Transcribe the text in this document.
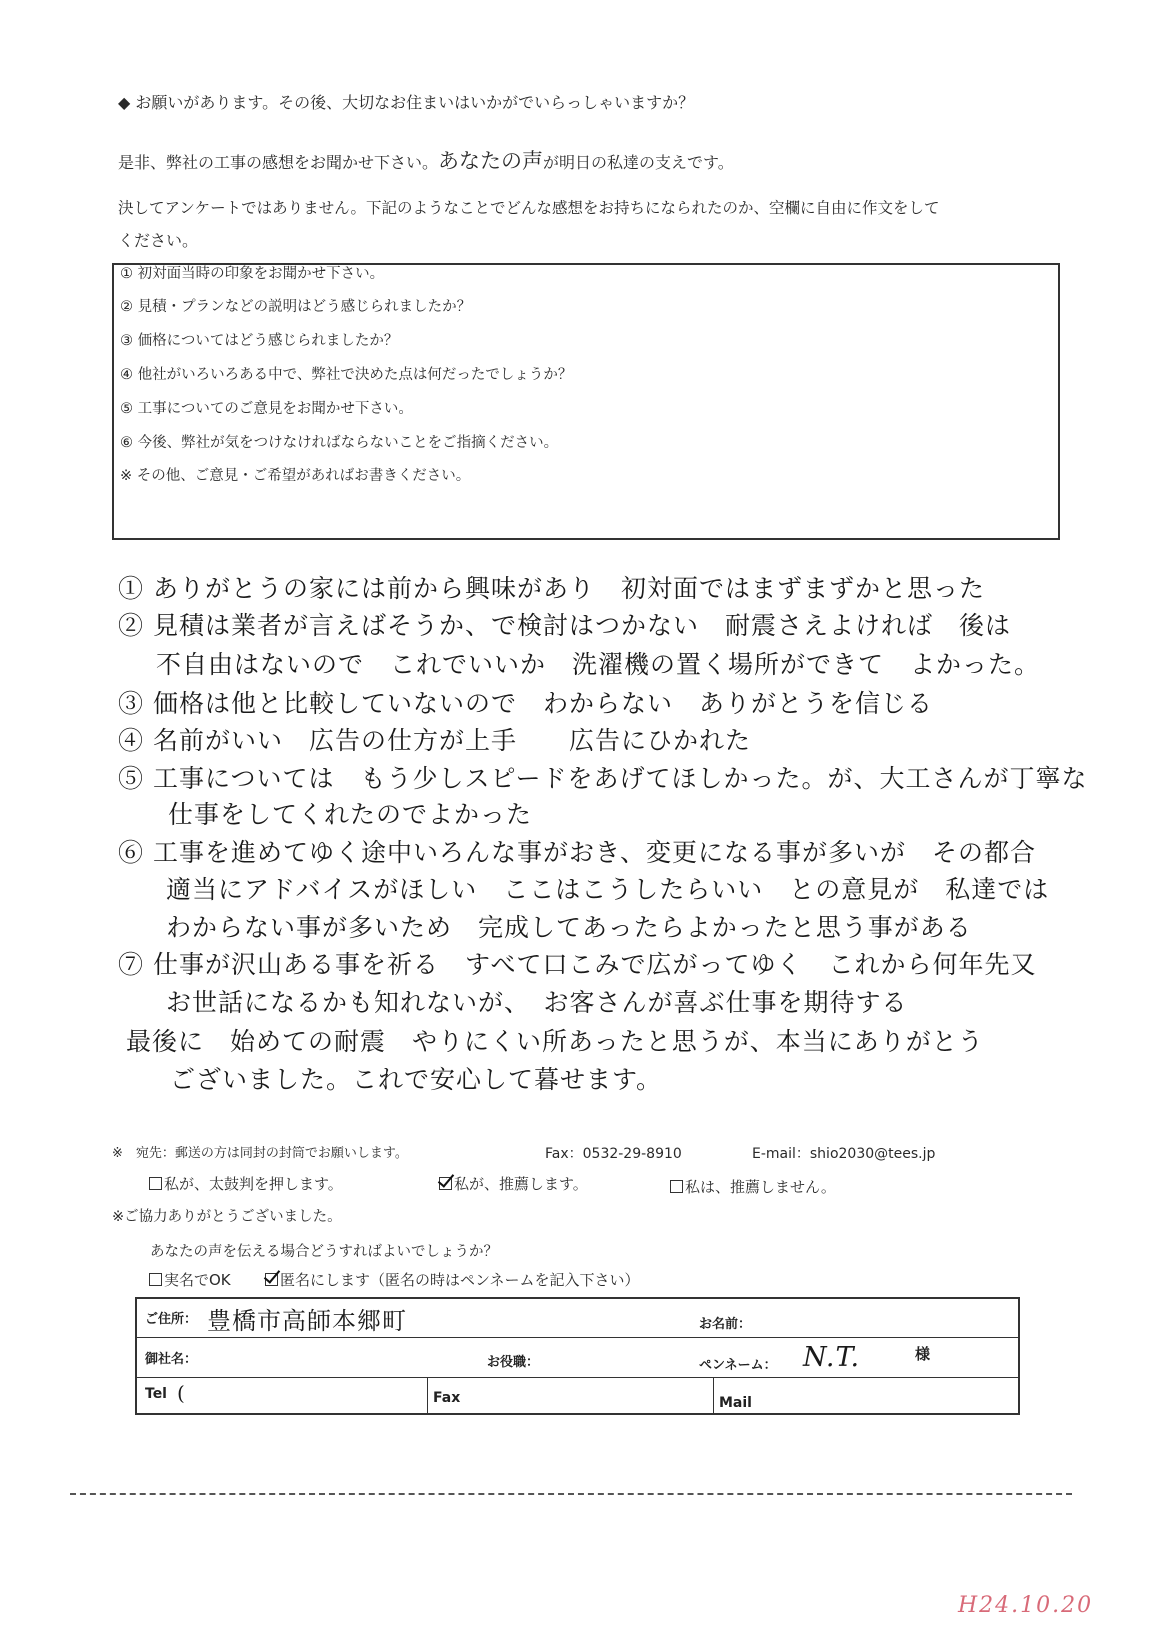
◆ お願いがあります。その後、大切なお住まいはいかがでいらっしゃいますか？
是非、弊社の工事の感想をお聞かせ下さい。あなたの声が明日の私達の支えです。
決してアンケートではありません。下記のようなことでどんな感想をお持ちになられたのか、空欄に自由に作文をして
ください。
① 初対面当時の印象をお聞かせ下さい。
② 見積・プランなどの説明はどう感じられましたか？
③ 価格についてはどう感じられましたか？
④ 他社がいろいろある中で、弊社で決めた点は何だったでしょうか？
⑤ 工事についてのご意見をお聞かせ下さい。
⑥ 今後、弊社が気をつけなければならないことをご指摘ください。
※ その他、ご意見・ご希望があればお書きください。
① ありがとうの家には前から興味があり　初対面ではまずまずかと思った
② 見積は業者が言えばそうか、で検討はつかない　耐震さえよければ　後は
不自由はないので　これでいいか　洗濯機の置く場所ができて　よかった。
③ 価格は他と比較していないので　わからない　ありがとうを信じる
④ 名前がいい　広告の仕方が上手　　広告にひかれた
⑤ 工事については　もう少しスピードをあげてほしかった。が、大工さんが丁寧な
仕事をしてくれたのでよかった
⑥ 工事を進めてゆく途中いろんな事がおき、変更になる事が多いが　その都合
適当にアドバイスがほしい　ここはこうしたらいい　との意見が　私達では
わからない事が多いため　完成してあったらよかったと思う事がある
⑦ 仕事が沢山ある事を祈る　すべて口こみで広がってゆく　これから何年先又
お世話になるかも知れないが、　お客さんが喜ぶ仕事を期待する
最後に　始めての耐震　やりにくい所あったと思うが、本当にありがとう
ございました。これで安心して暮せます。
※　宛先：郵送の方は同封の封筒でお願いします。	Fax：0532-29-8910	E-mail：shio2030@tees.jp
私が、太鼓判を押します。	私が、推薦します。	私は、推薦しません。
※ご協力ありがとうございました。
あなたの声を伝える場合どうすればよいでしょうか？
実名でOK	匿名にします（匿名の時はペンネームを記入下さい）
ご住所： 豊橋市高師本郷町	お名前：
御社名：	お役職：	ペンネーム： N.T.	様
Tel (	Fax	Mail
H24.10.20
